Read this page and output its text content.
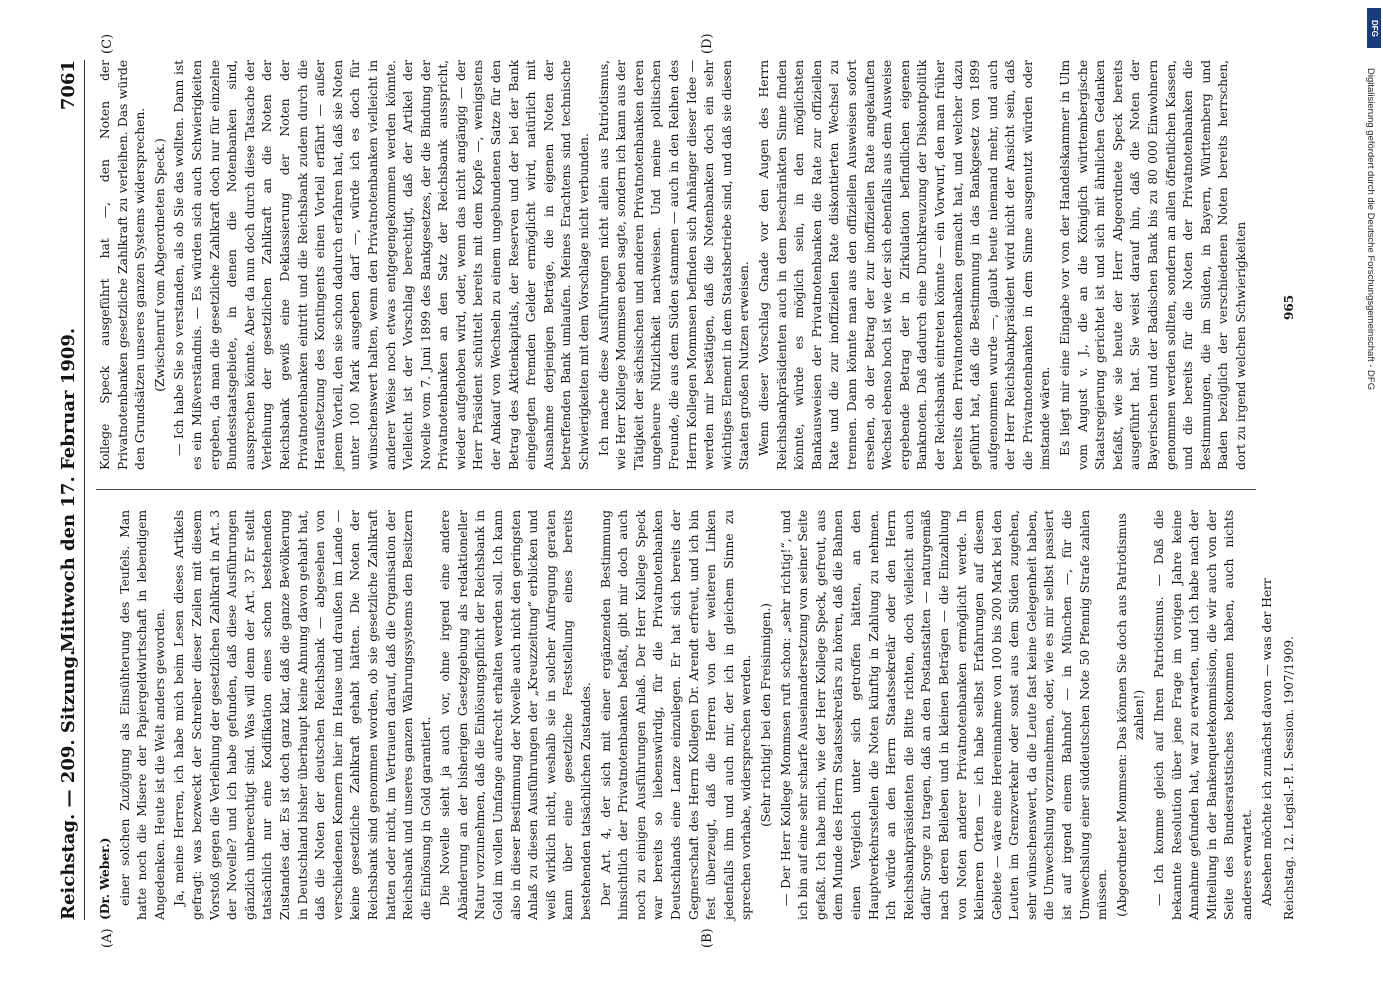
Reichstag. — 209. Sitzung.
Mittwoch den 17. Februar 1909.
7061
(A)	(B)
(C)	(D)

(Dr. Weber.) einer solchen Zuzügung als Einsühterung des Teufels. Man hatte noch die Misere der Papiergeldwirtschaft in lebendigem Angedenken. Heute ist die Welt anders geworden. Ja, meine Herren, ich habe mich beim Lesen dieses Artikels gefragt: was bezweckt der Schreiber dieser Zeilen mit diesem Vorstoß gegen die Verleihung der gesetzlichen Zahlkraft in Art. 3 der Novelle? und ich habe gefunden, daß diese Ausführungen gänzlich unberechtigt sind. Was will denn der Art. 3? Er stellt tatsächlich nur eine Kodifikation eines schon bestehenden Zustandes dar. Es ist doch ganz klar, daß die ganze Bevölkerung in Deutschland bisher überhaupt keine Ahnung davon gehabt hat, daß die Noten der deutschen Reichsbank — abgesehen von verschiedenen Kennern hier im Hause und draußen im Lande — keine gesetzliche Zahlkraft gehabt hätten. Die Noten der Reichsbank sind genommen worden, ob sie gesetzliche Zahlkraft hatten oder nicht, im Vertrauen darauf, daß die Organisation der Reichsbank und unseres ganzen Währungssystems den Besitzern die Einlösung in Gold garantiert. Die Novelle sieht ja auch vor, ohne irgend eine andere Abänderung an der bisherigen Gesetzgebung als redaktioneller Natur vorzunehmen, daß die Einlösungspflicht der Reichsbank in Gold im vollen Umfange aufrecht erhalten werden soll. Ich kann also in dieser Bestimmung der Novelle auch nicht den geringsten Anlaß zu diesen Ausführungen der „Kreuzzeitung“ erblicken und weiß wirklich nicht, weshalb sie in solcher Aufregung geraten kann über eine gesetzliche Feststellung eines bereits bestehenden tatsächlichen Zustandes. Der Art. 4, der sich mit einer ergänzenden Bestimmung hinsichtlich der Privatnotenbanken befaßt, gibt mir doch auch noch zu einigen Ausführungen Anlaß. Der Herr Kollege Speck war bereits so liebenswürdig, für die Privatnotenbanken Deutschlands eine Lanze einzulegen. Er hat sich bereits der Gegnerschaft des Herrn Kollegen Dr. Arendt erfreut, und ich bin fest überzeugt, daß die Herren von der weiteren Linken jedenfalls ihm und auch mir, der ich in gleichem Sinne zu sprechen vorhabe, widersprechen werden. (Sehr richtig! bei den Freisinnigen.) — Der Herr Kollege Mommsen ruft schon: „sehr richtig!“, und ich bin auf eine sehr scharfe Auseinandersetzung von seiner Seite gefaßt. Ich habe mich, wie der Herr Kollege Speck, gefreut, aus dem Munde des Herrn Staatssekretärs zu hören, daß die Bahnen einen Vergleich unter sich getroffen hätten, an den Hauptverkehrsstellen die Noten künftig in Zahlung zu nehmen. Ich würde an den Herrn Staatssekretär oder den Herrn Reichsbankpräsidenten die Bitte richten, doch vielleicht auch dafür Sorge zu tragen, daß an den Postanstalten — naturgemäß nach deren Belieben und in kleinen Beträgen — die Einzahlung von Noten anderer Privatnotenbanken ermöglicht werde. In kleineren Orten — ich habe selbst Erfahrungen auf diesem Gebiete — wäre eine Hereinnahme von 100 bis 200 Mark bei den Leuten im Grenzverkehr oder sonst aus dem Süden zugehen, sehr wünschenswert, da die Leute fast keine Gelegenheit haben, die Umwechslung vorzunehmen, oder, wie es mir selbst passiert ist auf irgend einem Bahnhof — in München —, für die Umwechslung einer süddeutschen Note 50 Pfennig Strafe zahlen müssen. (Abgeordneter Mommsen: Das können Sie doch aus Patriotismus zahlen!) — Ich komme gleich auf Ihren Patriotismus. — Daß die bekannte Resolution über jene Frage im vorigen Jahre keine Annahme gefunden hat, war zu erwarten, und ich habe nach der Mitteilung in der Bankenquetekommission, die wir auch von der Seite des Bundesratstisches bekommen haben, auch nichts anderes erwartet. Absehen möchte ich zunächst davon — was der Herr

Kollege Speck ausgeführt hat —, den Noten der Privatnotenbanken gesetzliche Zahlkraft zu verleihen. Das würde den Grundsätzen unseres ganzen Systems widersprechen. (Zwischenruf vom Abgeordneten Speck.) — Ich habe Sie so verstanden, als ob Sie das wollten. Dann ist es ein Mißverständnis. — Es würden sich auch Schwierigkeiten ergeben, da man die gesetzliche Zahlkraft doch nur für einzelne Bundesstaatsgebiete, in denen die Notenbanken sind, aussprechen könnte. Aber da nun doch durch diese Tatsache der Verleihung der gesetzlichen Zahlkraft an die Noten der Reichsbank gewiß eine Deklassierung der Noten der Privatnotenbanken eintritt und die Reichsbank zudem durch die Heraufsetzung des Kontingents einen Vorteil erfährt — außer jenem Vorteil, den sie schon dadurch erfahren hat, daß sie Noten unter 100 Mark ausgeben darf —, würde ich es doch für wünschenswert halten, wenn den Privatnotenbanken vielleicht in anderer Weise noch etwas entgegengekommen werden könnte. Vielleicht ist der Vorschlag berechtigt, daß der Artikel der Novelle vom 7. Juni 1899 des Bankgesetzes, der die Bindung der Privatnotenbanken an den Satz der Reichsbank ausspricht, wieder aufgehoben wird, oder, wenn das nicht angängig — der Herr Präsident schüttelt bereits mit dem Kopfe —, wenigstens der Ankauf von Wechseln zu einem ungebundenen Satze für den Betrag des Aktienkapitals, der Reserven und der bei der Bank eingelegten fremden Gelder ermöglicht wird, natürlich mit Ausnahme derjenigen Beträge, die in eigenen Noten der betreffenden Bank umlaufen. Meines Erachtens sind technische Schwierigkeiten mit dem Vorschlage nicht verbunden. Ich mache diese Ausführungen nicht allein aus Patriotismus, wie Herr Kollege Mommsen eben sagte, sondern ich kann aus der Tätigkeit der sächsischen und anderen Privatnotenbanken deren ungeheure Nützlichkeit nachweisen. Und meine politischen Freunde, die aus dem Süden stammen — auch in den Reihen des Herrn Kollegen Mommsen befinden sich Anhänger dieser Idee — werden mir bestätigen, daß die Notenbanken doch ein sehr wichtiges Element in dem Staatsbetriebe sind, und daß sie diesen Staaten großen Nutzen erweisen. Wenn dieser Vorschlag Gnade vor den Augen des Herrn Reichsbankpräsidenten auch in dem beschränkten Sinne finden könnte, würde es möglich sein, in den möglichsten Bankausweisen der Privatnotenbanken die Rate zur offiziellen Rate und die zur inoffiziellen Rate diskontierten Wechsel zu trennen. Dann könnte man aus den offiziellen Ausweisen sofort ersehen, ob der Betrag der zur inoffiziellen Rate angekauften Wechsel ebenso hoch ist wie der sich ebenfalls aus dem Ausweise ergebende Betrag der in Zirkulation befindlichen eigenen Banknoten. Daß dadurch eine Durchkreuzung der Diskontpolitik der Reichsbank eintreten könnte — ein Vorwurf, den man früher bereits den Privatnotenbanken gemacht hat, und welcher dazu geführt hat, daß die Bestimmung in das Bankgesetz von 1899 aufgenommen wurde —, glaubt heute niemand mehr, und auch der Herr Reichsbankpräsident wird nicht der Ansicht sein, daß die Privatnotenbanken in dem Sinne ausgenutzt würden oder imstande wären. Es liegt mir eine Eingabe vor von der Handelskammer in Ulm vom August v. J., die an die Königlich württembergische Staatsregierung gerichtet ist und sich mit ähnlichen Gedanken befaßt, wie sie heute der Herr Abgeordnete Speck bereits ausgeführt hat. Sie weist darauf hin, daß die Noten der Bayerischen und der Badischen Bank bis zu 80 000 Einwohnern genommen werden sollten, sondern an allen öffentlichen Kassen, und die bereits für die Noten der Privatnotenbanken die Bestimmungen, die im Süden, in Bayern, Württemberg und Baden bezüglich der verschiedenen Noten bereits herrschen, dort zu irgend welchen Schwierigkeiten

Reichstag. 12. Legisl.-P. I. Session. 1907/1909.
965	Digitalisierung gefördert durch die Deutsche Forschungsgemeinschaft - DFG
DFG
